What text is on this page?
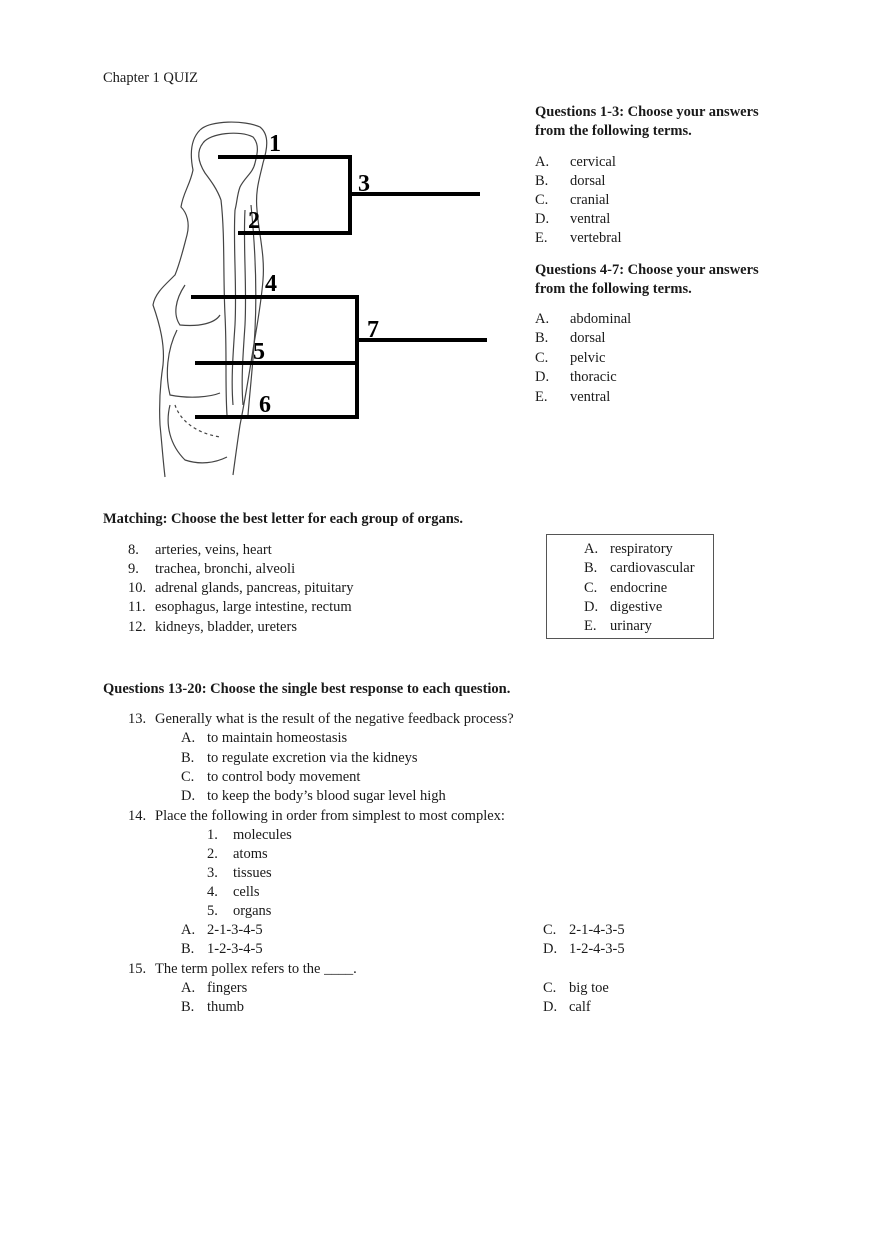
Chapter 1 QUIZ
1
2
3
4
5
6
7
Questions 1-3: Choose your answers
from the following terms.
A. cervical
B. dorsal
C. cranial
D. ventral
E. vertebral
Questions 4-7: Choose your answers
from the following terms.
A. abdominal
B. dorsal
C. pelvic
D. thoracic
E. ventral
Matching: Choose the best letter for each group of organs.
8. arteries, veins, heart
9. trachea, bronchi, alveoli
10. adrenal glands, pancreas, pituitary
11. esophagus, large intestine, rectum
12. kidneys, bladder, ureters
A. respiratory
B. cardiovascular
C. endocrine
D. digestive
E. urinary
Questions 13-20: Choose the single best response to each question.
13. Generally what is the result of the negative feedback process?
A. to maintain homeostasis
B. to regulate excretion via the kidneys
C. to control body movement
D. to keep the body’s blood sugar level high
14. Place the following in order from simplest to most complex:
1. molecules
2. atoms
3. tissues
4. cells
5. organs
A. 2-1-3-4-5
B. 1-2-3-4-5
C. 2-1-4-3-5
D. 1-2-4-3-5
15. The term pollex refers to the ____.
A. fingers
B. thumb
C. big toe
D. calf
